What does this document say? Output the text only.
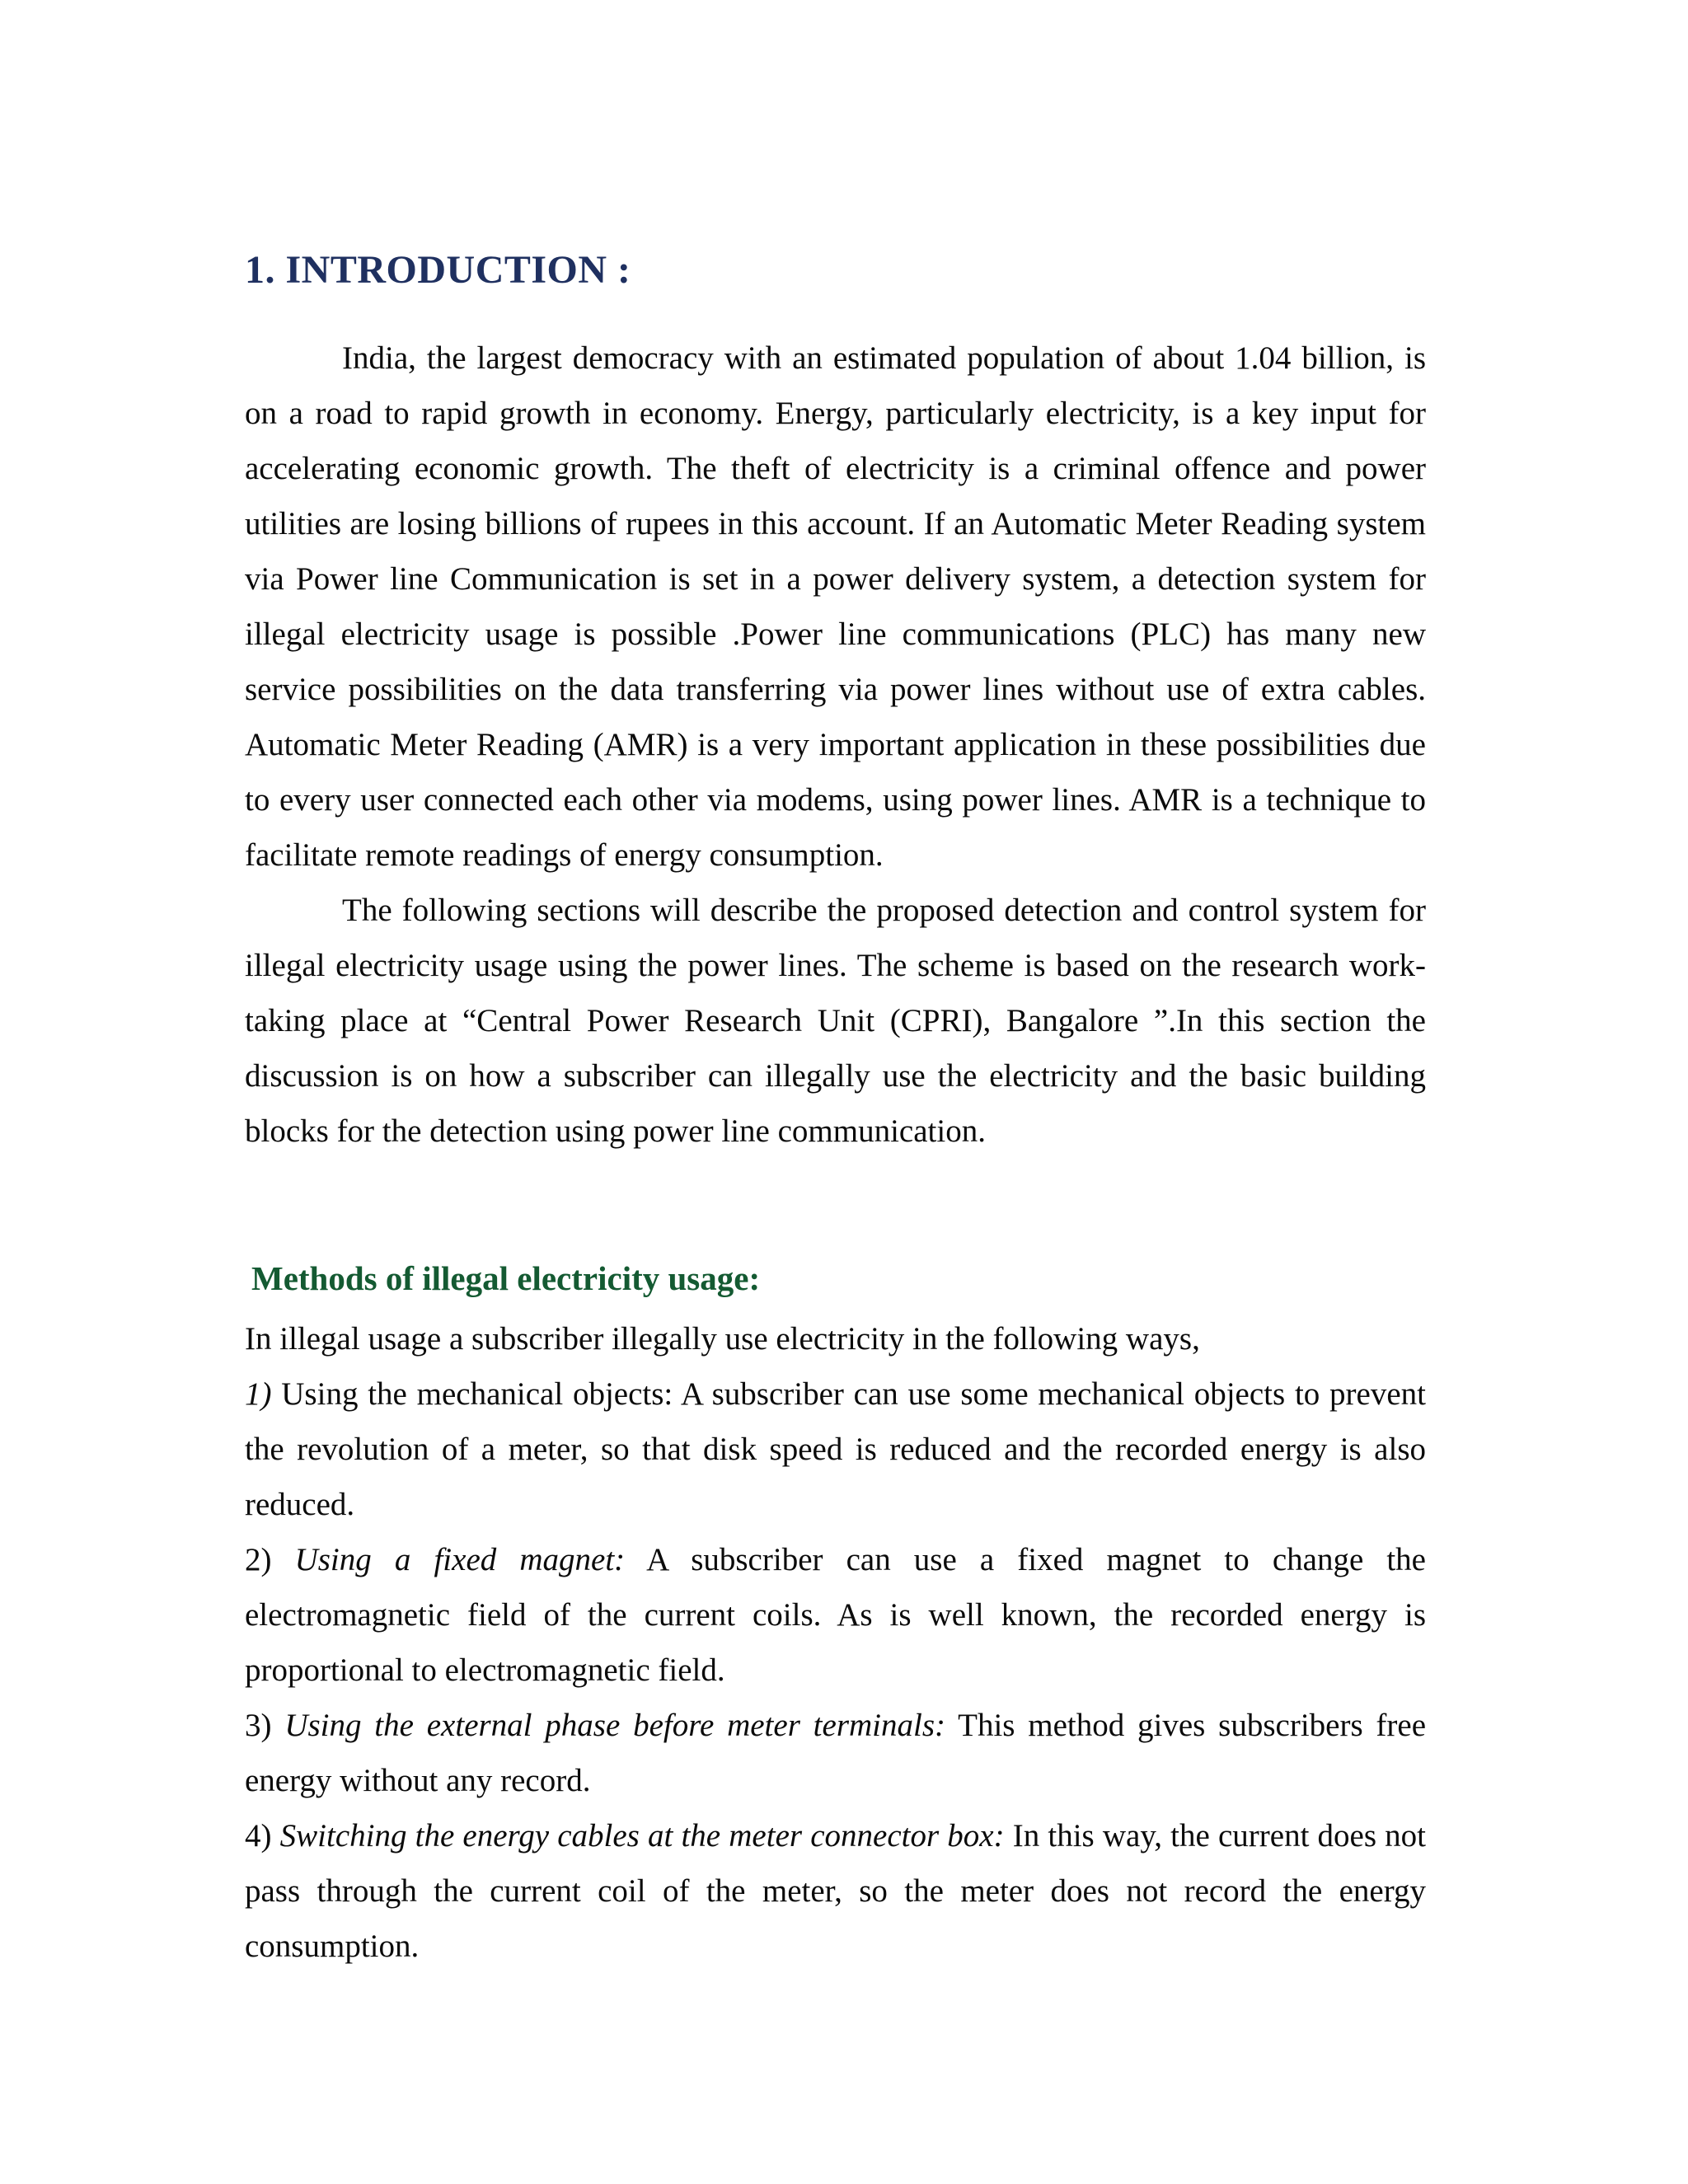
1. INTRODUCTION :

India, the largest democracy with an estimated population of about 1.04 billion, is on a road to rapid growth in economy. Energy, particularly electricity, is a key input for accelerating economic growth. The theft of electricity is a criminal offence and power utilities are losing billions of rupees in this account. If an Automatic Meter Reading system via Power line Communication is set in a power delivery system, a detection system for illegal electricity usage is possible .Power line communications (PLC) has many new service possibilities on the data transferring via power lines without use of extra cables. Automatic Meter Reading (AMR) is a very important application in these possibilities due to every user connected each other via modems, using power lines. AMR is a technique to facilitate remote readings of energy consumption.

The following sections will describe the proposed detection and control system for illegal electricity usage using the power lines. The scheme is based on the research work-taking place at “Central Power Research Unit (CPRI), Bangalore ”.In this section the discussion is on how a subscriber can illegally use the electricity and the basic building blocks for the detection using power line communication.

Methods of illegal electricity usage:

In illegal usage a subscriber illegally use electricity in the following ways,

1) Using the mechanical objects: A subscriber can use some mechanical objects to prevent the revolution of a meter, so that disk speed is reduced and the recorded energy is also reduced.

2) Using a fixed magnet: A subscriber can use a fixed magnet to change the electromagnetic field of the current coils. As is well known, the recorded energy is proportional to electromagnetic field.

3) Using the external phase before meter terminals: This method gives subscribers free energy without any record.

4) Switching the energy cables at the meter connector box: In this way, the current does not pass through the current coil of the meter, so the meter does not record the energy consumption.
